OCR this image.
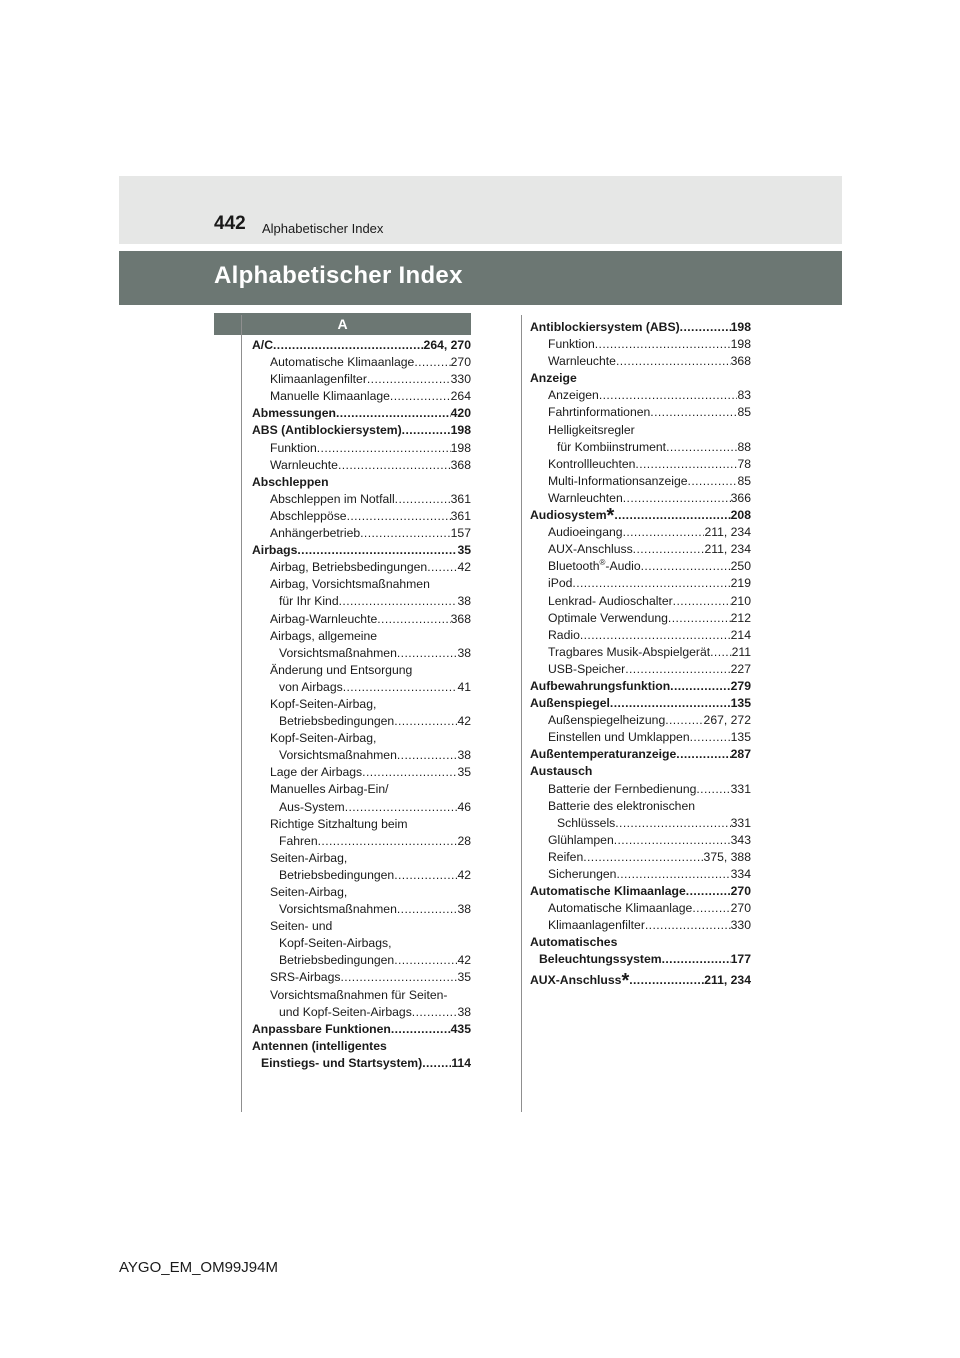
442 Alphabetischer Index
Alphabetischer Index
A
A/C .....	264, 270
Automatische Klimaanlage .....	270
Klimaanlagenfilter .....	330
Manuelle Klimaanlage .....	264
Abmessungen .....	420
ABS (Antiblockiersystem) .....	198
Funktion .....	198
Warnleuchte .....	368
Abschleppen
Abschleppen im Notfall .....	361
Abschleppöse .....	361
Anhängerbetrieb .....	157
Airbags .....	35
Airbag, Betriebsbedingungen ..... 42
Airbag, Vorsichtsmaßnahmen
für Ihr Kind .....	38
Airbag-Warnleuchte .....	368
Airbags, allgemeine
Vorsichtsmaßnahmen .....	38
Änderung und Entsorgung
von Airbags .....	41
Kopf-Seiten-Airbag,
Betriebsbedingungen .....	42
Kopf-Seiten-Airbag,
Vorsichtsmaßnahmen .....	38
Lage der Airbags .....	35
Manuelles Airbag-Ein/
Aus-System .....	46
Richtige Sitzhaltung beim
Fahren .....	28
Seiten-Airbag,
Betriebsbedingungen .....	42
Seiten-Airbag,
Vorsichtsmaßnahmen .....	38
Seiten- und
Kopf-Seiten-Airbags,
Betriebsbedingungen .....	42
SRS-Airbags .....	35
Vorsichtsmaßnahmen für Seiten-
und Kopf-Seiten-Airbags .....	38
Anpassbare Funktionen .....	435
Antennen (intelligentes
Einstiegs- und Startsystem) ..... 114
Antiblockiersystem (ABS) .....	198
Funktion .....	198
Warnleuchte .....	368
Anzeige
Anzeigen .....	83
Fahrtinformationen .....	85
Helligkeitsregler
für Kombiinstrument .....	88
Kontrollleuchten .....	78
Multi-Informationsanzeige .....	85
Warnleuchten .....	366
Audiosystem* .....	208
Audioeingang .....	211, 234
AUX-Anschluss .....	211, 234
Bluetooth®-Audio .....	250
iPod .....	219
Lenkrad- Audioschalter .....	210
Optimale Verwendung .....	212
Radio .....	214
Tragbares Musik-Abspielgerät ..... 211
USB-Speicher .....	227
Aufbewahrungsfunktion .....	279
Außenspiegel .....	135
Außenspiegelheizung .....	267, 272
Einstellen und Umklappen .....	135
Außentemperaturanzeige .....	287
Austausch
Batterie der Fernbedienung .....	331
Batterie des elektronischen
Schlüssels .....	331
Glühlampen .....	343
Reifen .....	375, 388
Sicherungen .....	334
Automatische Klimaanlage .....	270
Automatische Klimaanlage .....	270
Klimaanlagenfilter .....	330
Automatisches
Beleuchtungssystem .....	177
AUX-Anschluss* .....	211, 234
AYGO_EM_OM99J94M
